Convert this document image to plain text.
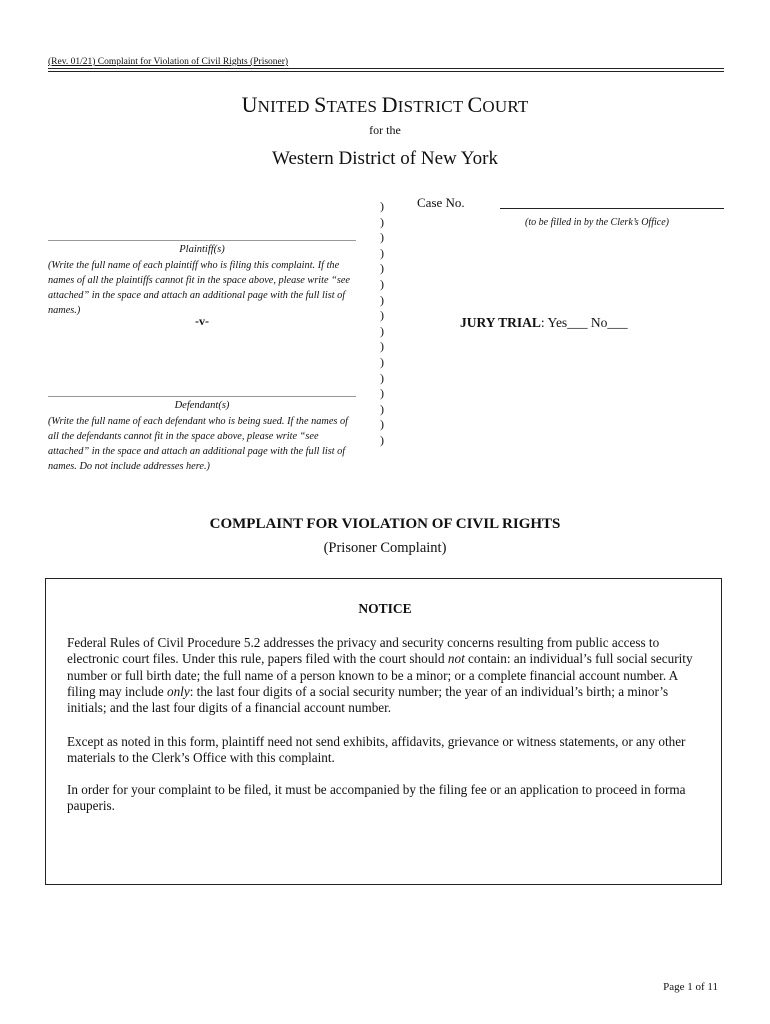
(Rev. 01/21) Complaint for Violation of Civil Rights (Prisoner)
UNITED STATES DISTRICT COURT
for the
Western District of New York
)
)
)
)
)
)
)
)
)
)
)
)
)
)
)
)
Case No.
(to be filled in by the Clerk’s Office)
JURY TRIAL: Yes___ No___
Plaintiff(s)
(Write the full name of each plaintiff who is filing this complaint. If the names of all the plaintiffs cannot fit in the space above, please write “see attached” in the space and attach an additional page with the full list of names.)
-v-
Defendant(s)
(Write the full name of each defendant who is being sued. If the names of all the defendants cannot fit in the space above, please write “see attached” in the space and attach an additional page with the full list of names. Do not include addresses here.)
COMPLAINT FOR VIOLATION OF CIVIL RIGHTS
(Prisoner Complaint)
NOTICE
Federal Rules of Civil Procedure 5.2 addresses the privacy and security concerns resulting from public access to electronic court files. Under this rule, papers filed with the court should not contain: an individual’s full social security number or full birth date; the full name of a person known to be a minor; or a complete financial account number. A filing may include only: the last four digits of a social security number; the year of an individual’s birth; a minor’s initials; and the last four digits of a financial account number.
Except as noted in this form, plaintiff need not send exhibits, affidavits, grievance or witness statements, or any other materials to the Clerk’s Office with this complaint.
In order for your complaint to be filed, it must be accompanied by the filing fee or an application to proceed in forma pauperis.
Page 1 of 11
